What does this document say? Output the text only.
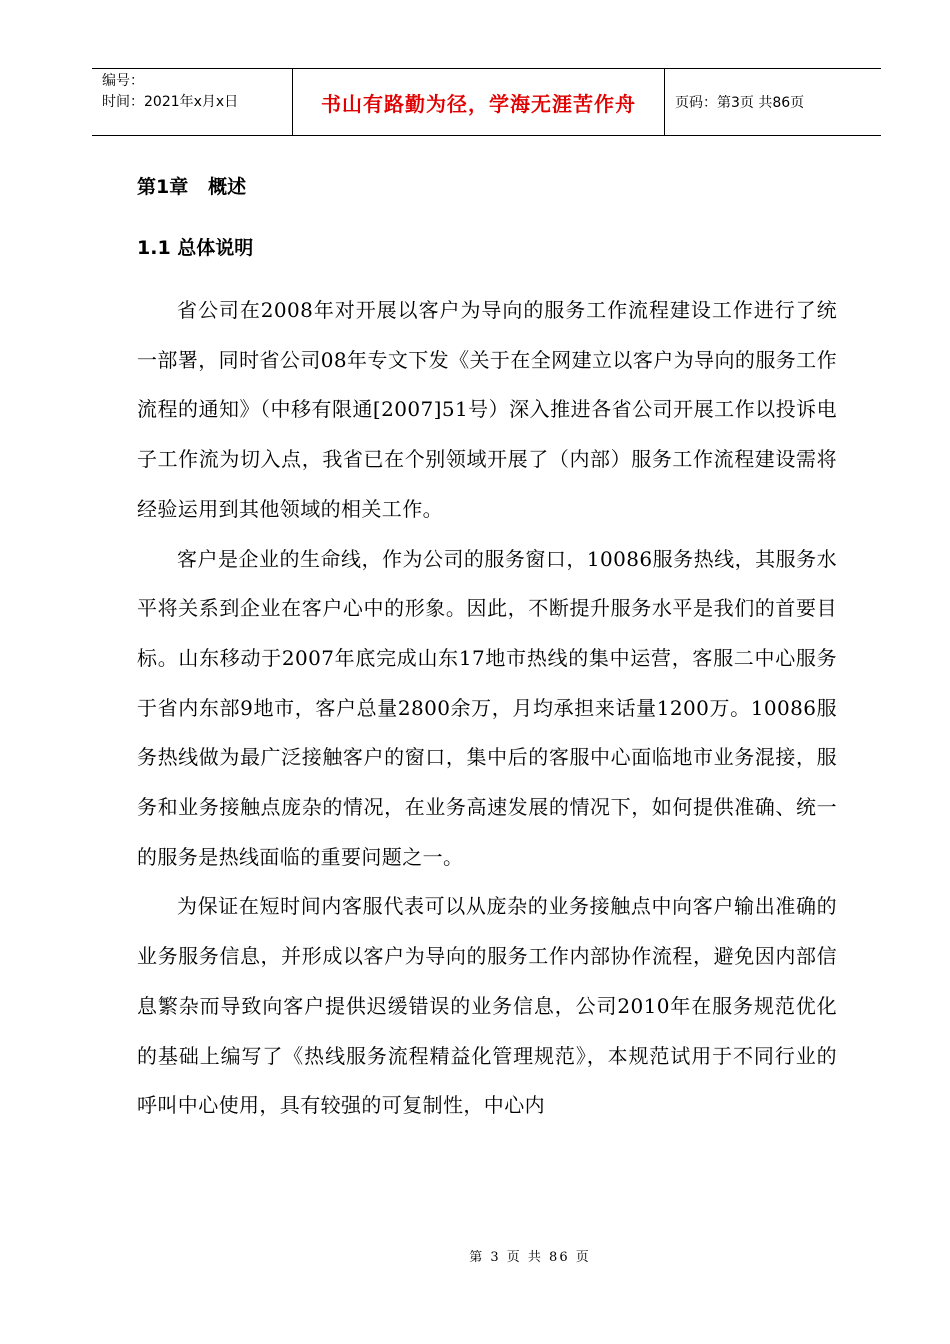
编号：
时间：2021年x月x日	书山有路勤为径，学海无涯苦作舟	页码：第3页 共86页
第1章   概述
1.1 总体说明

省公司在2008年对开展以客户为导向的服务工作流程建设工作进行了统一部署，同时省公司08年专文下发《关于在全网建立以客户为导向的服务工作流程的通知》（中移有限通[2007]51号）深入推进各省公司开展工作以投诉电子工作流为切入点，我省已在个别领域开展了（内部）服务工作流程建设需将经验运用到其他领域的相关工作。

客户是企业的生命线，作为公司的服务窗口，10086服务热线，其服务水平将关系到企业在客户心中的形象。因此，不断提升服务水平是我们的首要目标。山东移动于2007年底完成山东17地市热线的集中运营，客服二中心服务于省内东部9地市，客户总量2800余万，月均承担来话量1200万。10086服务热线做为最广泛接触客户的窗口，集中后的客服中心面临地市业务混接，服务和业务接触点庞杂的情况，在业务高速发展的情况下，如何提供准确、统一的服务是热线面临的重要问题之一。

为保证在短时间内客服代表可以从庞杂的业务接触点中向客户输出准确的业务服务信息，并形成以客户为导向的服务工作内部协作流程，避免因内部信息繁杂而导致向客户提供迟缓错误的业务信息，公司2010年在服务规范优化的基础上编写了《热线服务流程精益化管理规范》，本规范试用于不同行业的呼叫中心使用，具有较强的可复制性，中心内

第 3 页 共 86 页
